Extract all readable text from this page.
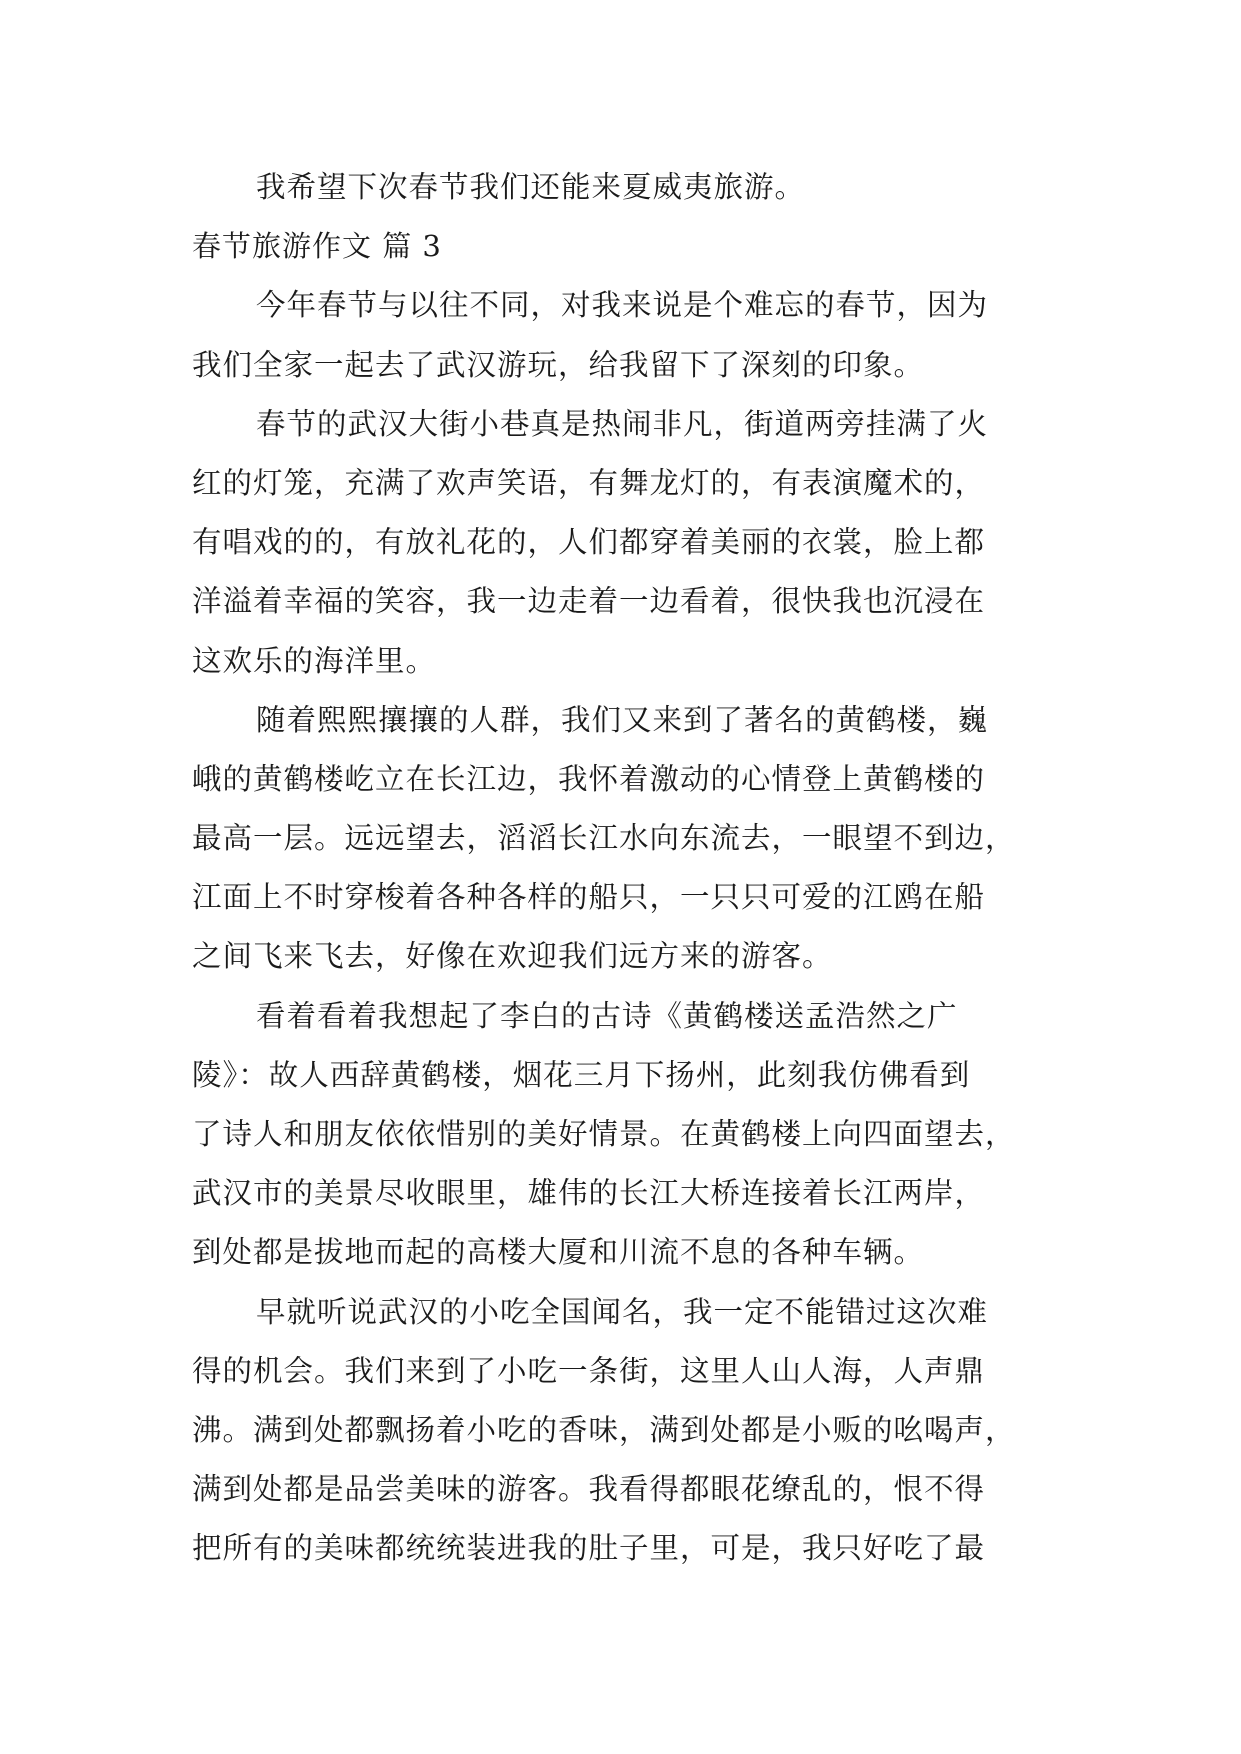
我希望下次春节我们还能来夏威夷旅游。
春节旅游作文 篇 3
今年春节与以往不同，对我来说是个难忘的春节，因为
我们全家一起去了武汉游玩，给我留下了深刻的印象。
春节的武汉大街小巷真是热闹非凡，街道两旁挂满了火
红的灯笼，充满了欢声笑语，有舞龙灯的，有表演魔术的，
有唱戏的的，有放礼花的，人们都穿着美丽的衣裳，脸上都
洋溢着幸福的笑容，我一边走着一边看着，很快我也沉浸在
这欢乐的海洋里。
随着熙熙攘攘的人群，我们又来到了著名的黄鹤楼，巍
峨的黄鹤楼屹立在长江边，我怀着激动的心情登上黄鹤楼的
最高一层。远远望去，滔滔长江水向东流去，一眼望不到边，
江面上不时穿梭着各种各样的船只，一只只可爱的江鸥在船
之间飞来飞去，好像在欢迎我们远方来的游客。
看着看着我想起了李白的古诗《黄鹤楼送孟浩然之广
陵》：故人西辞黄鹤楼，烟花三月下扬州，此刻我仿佛看到
了诗人和朋友依依惜别的美好情景。在黄鹤楼上向四面望去，
武汉市的美景尽收眼里，雄伟的长江大桥连接着长江两岸，
到处都是拔地而起的高楼大厦和川流不息的各种车辆。
早就听说武汉的小吃全国闻名，我一定不能错过这次难
得的机会。我们来到了小吃一条街，这里人山人海，人声鼎
沸。满到处都飘扬着小吃的香味，满到处都是小贩的吆喝声，
满到处都是品尝美味的游客。我看得都眼花缭乱的，恨不得
把所有的美味都统统装进我的肚子里，可是，我只好吃了最
